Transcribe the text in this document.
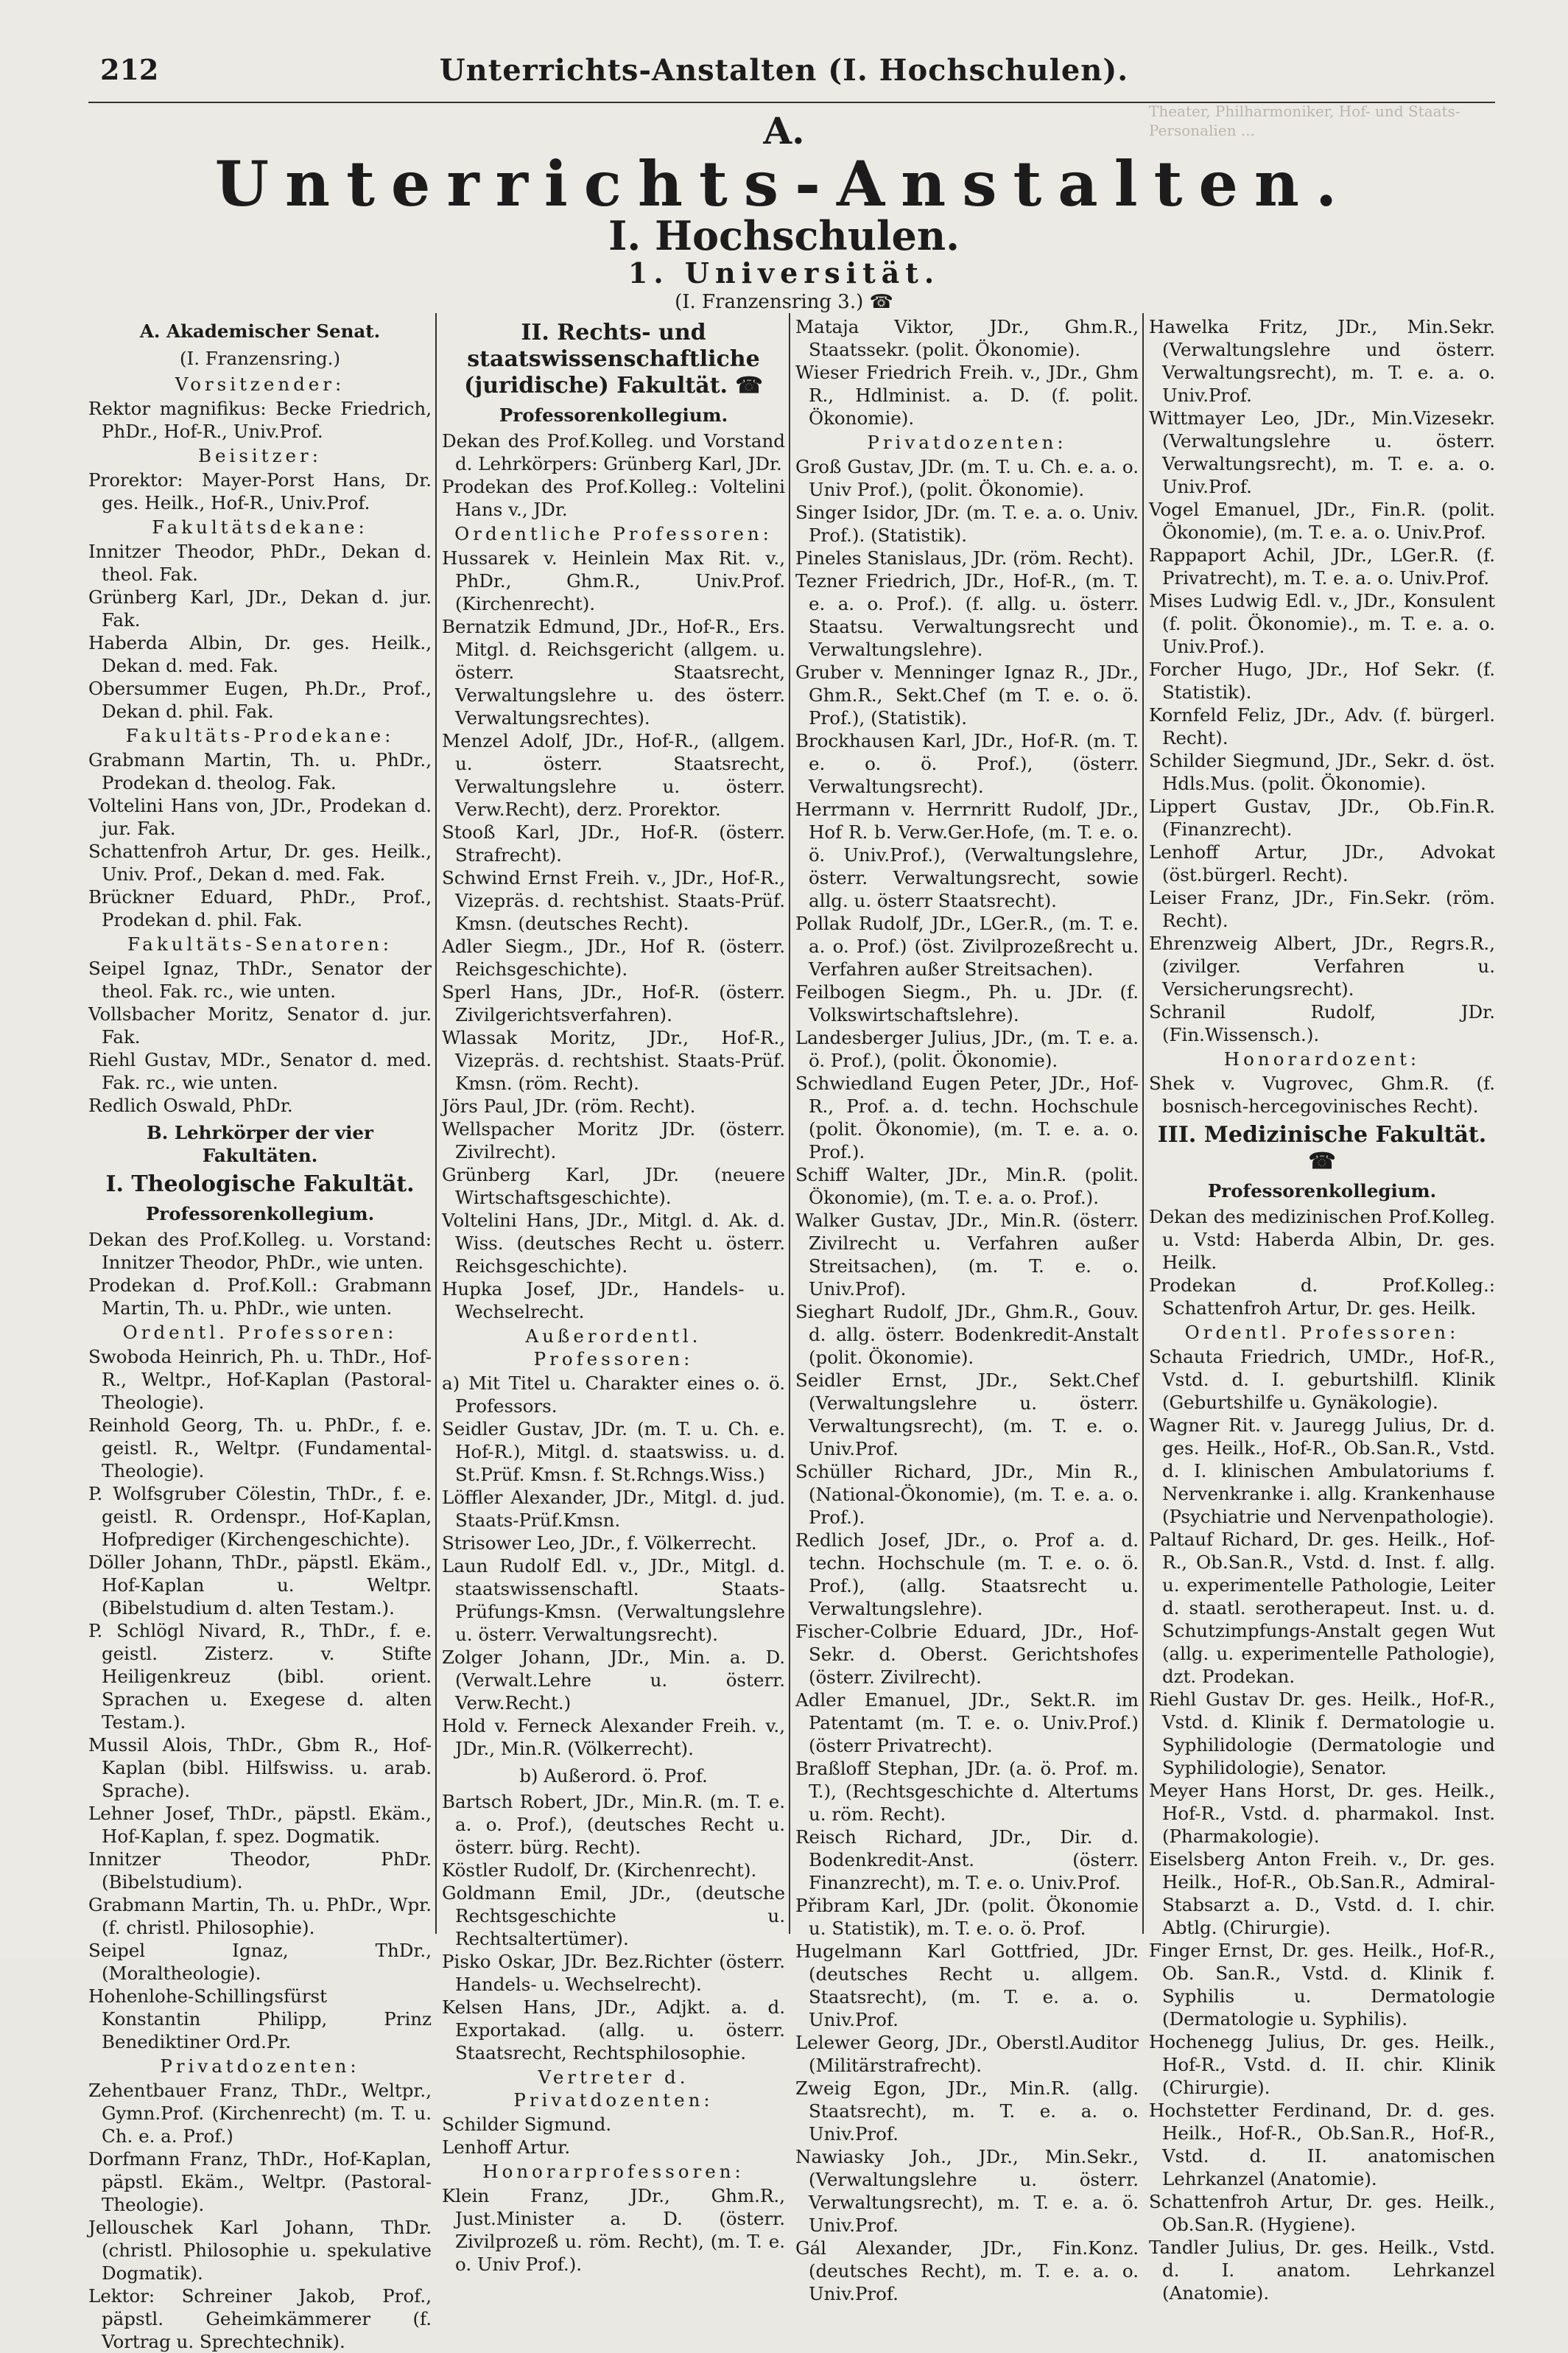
212	Unterrichts-Anstalten (I. Hochschulen).
A.
Unterrichts-Anstalten.
I. Hochschulen.
1. Universität.
(I. Franzensring 3.) ☎
Theater, Philharmoniker, Hof- und Staats-Personalien ...

A. Akademischer Senat.

(I. Franzensring.)

Vorsitzender:

Rektor magnifikus: Becke Friedrich, PhDr., Hof-R., Univ.Prof.

Beisitzer:

Prorektor: Mayer-Porst Hans, Dr. ges. Heilk., Hof-R., Univ.Prof.

Fakultätsdekane:

Innitzer Theodor, PhDr., Dekan d. theol. Fak.

Grünberg Karl, JDr., Dekan d. jur. Fak.

Haberda Albin, Dr. ges. Heilk., Dekan d. med. Fak.

Obersummer Eugen, Ph.Dr., Prof., Dekan d. phil. Fak.

Fakultäts-Prodekane:

Grabmann Martin, Th. u. PhDr., Prodekan d. theolog. Fak.

Voltelini Hans von, JDr., Prodekan d. jur. Fak.

Schattenfroh Artur, Dr. ges. Heilk., Univ. Prof., Dekan d. med. Fak.

Brückner Eduard, PhDr., Prof., Prodekan d. phil. Fak.

Fakultäts-Senatoren:

Seipel Ignaz, ThDr., Senator der theol. Fak. rc., wie unten.

Vollsbacher Moritz, Senator d. jur. Fak.

Riehl Gustav, MDr., Senator d. med. Fak. rc., wie unten.

Redlich Oswald, PhDr.

B. Lehrkörper der vier Fakultäten.

I. Theologische Fakultät.

Professorenkollegium.

Dekan des Prof.Kolleg. u. Vorstand: Innitzer Theodor, PhDr., wie unten.

Prodekan d. Prof.Koll.: Grabmann Martin, Th. u. PhDr., wie unten.

Ordentl. Professoren:

Swoboda Heinrich, Ph. u. ThDr., Hof-R., Weltpr., Hof-Kaplan (Pastoral-Theologie).

Reinhold Georg, Th. u. PhDr., f. e. geistl. R., Weltpr. (Fundamental-Theologie).

P. Wolfsgruber Cölestin, ThDr., f. e. geistl. R. Ordenspr., Hof-Kaplan, Hofprediger (Kirchengeschichte).

Döller Johann, ThDr., päpstl. Ekäm., Hof-Kaplan u. Weltpr. (Bibelstudium d. alten Testam.).

P. Schlögl Nivard, R., ThDr., f. e. geistl. Zisterz. v. Stifte Heiligenkreuz (bibl. orient. Sprachen u. Exegese d. alten Testam.).

Mussil Alois, ThDr., Gbm R., Hof-Kaplan (bibl. Hilfswiss. u. arab. Sprache).

Lehner Josef, ThDr., päpstl. Ekäm., Hof-Kaplan, f. spez. Dogmatik.

Innitzer Theodor, PhDr. (Bibelstudium).

Grabmann Martin, Th. u. PhDr., Wpr. (f. christl. Philosophie).

Seipel Ignaz, ThDr., (Moraltheologie).

Hohenlohe-Schillingsfürst Konstantin Philipp, Prinz Benediktiner Ord.Pr.

Privatdozenten:

Zehentbauer Franz, ThDr., Weltpr., Gymn.Prof. (Kirchenrecht) (m. T. u. Ch. e. a. Prof.)

Dorfmann Franz, ThDr., Hof-Kaplan, päpstl. Ekäm., Weltpr. (Pastoral-Theologie).

Jellouschek Karl Johann, ThDr. (christl. Philosophie u. spekulative Dogmatik).

Lektor: Schreiner Jakob, Prof., päpstl. Geheimkämmerer (f. Vortrag u. Sprechtechnik).

II. Rechts- und staatswissenschaftliche (juridische) Fakultät. ☎

Professorenkollegium.

Dekan des Prof.Kolleg. und Vorstand d. Lehrkörpers: Grünberg Karl, JDr.

Prodekan des Prof.Kolleg.: Voltelini Hans v., JDr.

Ordentliche Professoren:

Hussarek v. Heinlein Max Rit. v., PhDr., Ghm.R., Univ.Prof. (Kirchenrecht).

Bernatzik Edmund, JDr., Hof-R., Ers. Mitgl. d. Reichsgericht (allgem. u. österr. Staatsrecht, Verwaltungslehre u. des österr. Verwaltungsrechtes).

Menzel Adolf, JDr., Hof-R., (allgem. u. österr. Staatsrecht, Verwaltungslehre u. österr. Verw.Recht), derz. Prorektor.

Stooß Karl, JDr., Hof-R. (österr. Strafrecht).

Schwind Ernst Freih. v., JDr., Hof-R., Vizepräs. d. rechtshist. Staats-Prüf. Kmsn. (deutsches Recht).

Adler Siegm., JDr., Hof R. (österr. Reichsgeschichte).

Sperl Hans, JDr., Hof-R. (österr. Zivilgerichtsverfahren).

Wlassak Moritz, JDr., Hof-R., Vizepräs. d. rechtshist. Staats-Prüf. Kmsn. (röm. Recht).

Jörs Paul, JDr. (röm. Recht).

Wellspacher Moritz JDr. (österr. Zivilrecht).

Grünberg Karl, JDr. (neuere Wirtschaftsgeschichte).

Voltelini Hans, JDr., Mitgl. d. Ak. d. Wiss. (deutsches Recht u. österr. Reichsgeschichte).

Hupka Josef, JDr., Handels- u. Wechselrecht.

Außerordentl. Professoren:

a) Mit Titel u. Charakter eines o. ö. Professors.

Seidler Gustav, JDr. (m. T. u. Ch. e. Hof-R.), Mitgl. d. staatswiss. u. d. St.Prüf. Kmsn. f. St.Rchngs.Wiss.)

Löffler Alexander, JDr., Mitgl. d. jud. Staats-Prüf.Kmsn.

Strisower Leo, JDr., f. Völkerrecht.

Laun Rudolf Edl. v., JDr., Mitgl. d. staatswissenschaftl. Staats-Prüfungs-Kmsn. (Verwaltungslehre u. österr. Verwaltungsrecht).

Zolger Johann, JDr., Min. a. D. (Verwalt.Lehre u. österr. Verw.Recht.)

Hold v. Ferneck Alexander Freih. v., JDr., Min.R. (Völkerrecht).

b) Außerord. ö. Prof.

Bartsch Robert, JDr., Min.R. (m. T. e. a. o. Prof.), (deutsches Recht u. österr. bürg. Recht).

Köstler Rudolf, Dr. (Kirchenrecht).

Goldmann Emil, JDr., (deutsche Rechtsgeschichte u. Rechtsaltertümer).

Pisko Oskar, JDr. Bez.Richter (österr. Handels- u. Wechselrecht).

Kelsen Hans, JDr., Adjkt. a. d. Exportakad. (allg. u. österr. Staatsrecht, Rechtsphilosophie.

Vertreter d. Privatdozenten:

Schilder Sigmund.

Lenhoff Artur.

Honorarprofessoren:

Klein Franz, JDr., Ghm.R., Just.Minister a. D. (österr. Zivilprozeß u. röm. Recht), (m. T. e. o. Univ Prof.).

Mataja Viktor, JDr., Ghm.R., Staatssekr. (polit. Ökonomie).

Wieser Friedrich Freih. v., JDr., Ghm R., Hdlminist. a. D. (f. polit. Ökonomie).

Privatdozenten:

Groß Gustav, JDr. (m. T. u. Ch. e. a. o. Univ Prof.), (polit. Ökonomie).

Singer Isidor, JDr. (m. T. e. a. o. Univ. Prof.). (Statistik).

Pineles Stanislaus, JDr. (röm. Recht).

Tezner Friedrich, JDr., Hof-R., (m. T. e. a. o. Prof.). (f. allg. u. österr. Staatsu. Verwaltungsrecht und Verwaltungslehre).

Gruber v. Menninger Ignaz R., JDr., Ghm.R., Sekt.Chef (m T. e. o. ö. Prof.), (Statistik).

Brockhausen Karl, JDr., Hof-R. (m. T. e. o. ö. Prof.), (österr. Verwaltungsrecht).

Herrmann v. Herrnritt Rudolf, JDr., Hof R. b. Verw.Ger.Hofe, (m. T. e. o. ö. Univ.Prof.), (Verwaltungslehre, österr. Verwaltungsrecht, sowie allg. u. österr Staatsrecht).

Pollak Rudolf, JDr., LGer.R., (m. T. e. a. o. Prof.) (öst. Zivilprozeßrecht u. Verfahren außer Streitsachen).

Feilbogen Siegm., Ph. u. JDr. (f. Volkswirtschaftslehre).

Landesberger Julius, JDr., (m. T. e. a. ö. Prof.), (polit. Ökonomie).

Schwiedland Eugen Peter, JDr., Hof-R., Prof. a. d. techn. Hochschule (polit. Ökonomie), (m. T. e. a. o. Prof.).

Schiff Walter, JDr., Min.R. (polit. Ökonomie), (m. T. e. a. o. Prof.).

Walker Gustav, JDr., Min.R. (österr. Zivilrecht u. Verfahren außer Streitsachen), (m. T. e. o. Univ.Prof).

Sieghart Rudolf, JDr., Ghm.R., Gouv. d. allg. österr. Bodenkredit-Anstalt (polit. Ökonomie).

Seidler Ernst, JDr., Sekt.Chef (Verwaltungslehre u. österr. Verwaltungsrecht), (m. T. e. o. Univ.Prof.

Schüller Richard, JDr., Min R., (National-Ökonomie), (m. T. e. a. o. Prof.).

Redlich Josef, JDr., o. Prof a. d. techn. Hochschule (m. T. e. o. ö. Prof.), (allg. Staatsrecht u. Verwaltungslehre).

Fischer-Colbrie Eduard, JDr., Hof-Sekr. d. Oberst. Gerichtshofes (österr. Zivilrecht).

Adler Emanuel, JDr., Sekt.R. im Patentamt (m. T. e. o. Univ.Prof.) (österr Privatrecht).

Braßloff Stephan, JDr. (a. ö. Prof. m. T.), (Rechtsgeschichte d. Altertums u. röm. Recht).

Reisch Richard, JDr., Dir. d. Bodenkredit-Anst. (österr. Finanzrecht), m. T. e. o. Univ.Prof.

Přibram Karl, JDr. (polit. Ökonomie u. Statistik), m. T. e. o. ö. Prof.

Hugelmann Karl Gottfried, JDr. (deutsches Recht u. allgem. Staatsrecht), (m. T. e. a. o. Univ.Prof.

Lelewer Georg, JDr., Oberstl.Auditor (Militärstrafrecht).

Zweig Egon, JDr., Min.R. (allg. Staatsrecht), m. T. e. a. o. Univ.Prof.

Nawiasky Joh., JDr., Min.Sekr., (Verwaltungslehre u. österr. Verwaltungsrecht), m. T. e. a. ö. Univ.Prof.

Gál Alexander, JDr., Fin.Konz. (deutsches Recht), m. T. e. a. o. Univ.Prof.

Hawelka Fritz, JDr., Min.Sekr. (Verwaltungslehre und österr. Verwaltungsrecht), m. T. e. a. o. Univ.Prof.

Wittmayer Leo, JDr., Min.Vizesekr. (Verwaltungslehre u. österr. Verwaltungsrecht), m. T. e. a. o. Univ.Prof.

Vogel Emanuel, JDr., Fin.R. (polit. Ökonomie), (m. T. e. a. o. Univ.Prof.

Rappaport Achil, JDr., LGer.R. (f. Privatrecht), m. T. e. a. o. Univ.Prof.

Mises Ludwig Edl. v., JDr., Konsulent (f. polit. Ökonomie)., m. T. e. a. o. Univ.Prof.).

Forcher Hugo, JDr., Hof Sekr. (f. Statistik).

Kornfeld Feliz, JDr., Adv. (f. bürgerl. Recht).

Schilder Siegmund, JDr., Sekr. d. öst. Hdls.Mus. (polit. Ökonomie).

Lippert Gustav, JDr., Ob.Fin.R. (Finanzrecht).

Lenhoff Artur, JDr., Advokat (öst.bürgerl. Recht).

Leiser Franz, JDr., Fin.Sekr. (röm. Recht).

Ehrenzweig Albert, JDr., Regrs.R., (zivilger. Verfahren u. Versicherungsrecht).

Schranil Rudolf, JDr. (Fin.Wissensch.).

Honorardozent:

Shek v. Vugrovec, Ghm.R. (f. bosnisch-hercegovinisches Recht).

III. Medizinische Fakultät. ☎

Professorenkollegium.

Dekan des medizinischen Prof.Kolleg. u. Vstd: Haberda Albin, Dr. ges. Heilk.

Prodekan d. Prof.Kolleg.: Schattenfroh Artur, Dr. ges. Heilk.

Ordentl. Professoren:

Schauta Friedrich, UMDr., Hof-R., Vstd. d. I. geburtshilfl. Klinik (Geburtshilfe u. Gynäkologie).

Wagner Rit. v. Jauregg Julius, Dr. d. ges. Heilk., Hof-R., Ob.San.R., Vstd. d. I. klinischen Ambulatoriums f. Nervenkranke i. allg. Krankenhause (Psychiatrie und Nervenpathologie).

Paltauf Richard, Dr. ges. Heilk., Hof-R., Ob.San.R., Vstd. d. Inst. f. allg. u. experimentelle Pathologie, Leiter d. staatl. serotherapeut. Inst. u. d. Schutzimpfungs-Anstalt gegen Wut (allg. u. experimentelle Pathologie), dzt. Prodekan.

Riehl Gustav Dr. ges. Heilk., Hof-R., Vstd. d. Klinik f. Dermatologie u. Syphilidologie (Dermatologie und Syphilidologie), Senator.

Meyer Hans Horst, Dr. ges. Heilk., Hof-R., Vstd. d. pharmakol. Inst. (Pharmakologie).

Eiselsberg Anton Freih. v., Dr. ges. Heilk., Hof-R., Ob.San.R., Admiral-Stabsarzt a. D., Vstd. d. I. chir. Abtlg. (Chirurgie).

Finger Ernst, Dr. ges. Heilk., Hof-R., Ob. San.R., Vstd. d. Klinik f. Syphilis u. Dermatologie (Dermatologie u. Syphilis).

Hochenegg Julius, Dr. ges. Heilk., Hof-R., Vstd. d. II. chir. Klinik (Chirurgie).

Hochstetter Ferdinand, Dr. d. ges. Heilk., Hof-R., Ob.San.R., Hof-R., Vstd. d. II. anatomischen Lehrkanzel (Anatomie).

Schattenfroh Artur, Dr. ges. Heilk., Ob.San.R. (Hygiene).

Tandler Julius, Dr. ges. Heilk., Vstd. d. I. anatom. Lehrkanzel (Anatomie).
